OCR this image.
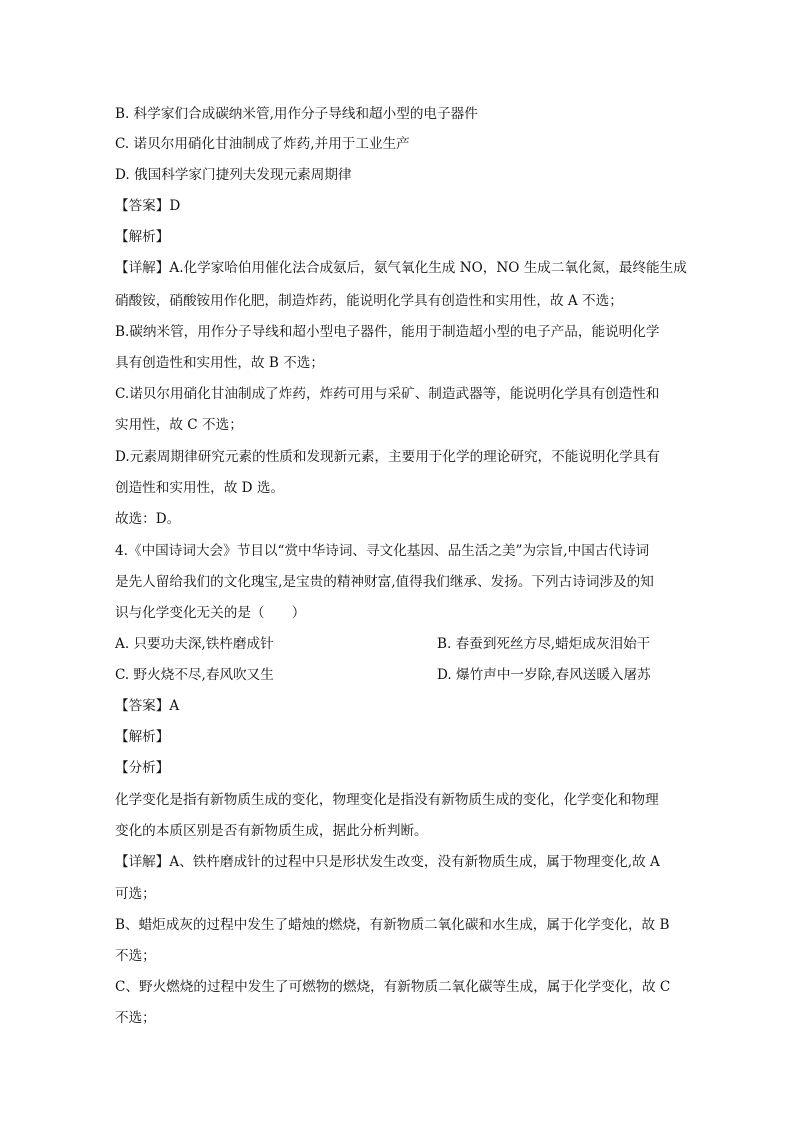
B. 科学家们合成碳纳米管,用作分子导线和超小型的电子器件
C. 诺贝尔用硝化甘油制成了炸药,并用于工业生产
D. 俄国科学家门捷列夫发现元素周期律
【答案】D
【解析】
【详解】A.化学家哈伯用催化法合成氨后，氨气氧化生成 NO，NO 生成二氧化氮，最终能生成
硝酸铵，硝酸铵用作化肥，制造炸药，能说明化学具有创造性和实用性，故 A 不选；
B.碳纳米管，用作分子导线和超小型电子器件，能用于制造超小型的电子产品，能说明化学
具有创造性和实用性，故 B 不选；
C.诺贝尔用硝化甘油制成了炸药，炸药可用与采矿、制造武器等，能说明化学具有创造性和
实用性，故 C 不选；
D.元素周期律研究元素的性质和发现新元素，主要用于化学的理论研究，不能说明化学具有
创造性和实用性，故 D 选。
故选：D。
4.《中国诗词大会》节目以“赏中华诗词、寻文化基因、品生活之美”为宗旨,中国古代诗词
是先人留给我们的文化瑰宝,是宝贵的精神财富,值得我们继承、发扬。下列古诗词涉及的知
识与化学变化无关的是（　　）
A. 只要功夫深,铁杵磨成针	B. 春蚕到死丝方尽,蜡炬成灰泪始干
C. 野火烧不尽,春风吹又生	D. 爆竹声中一岁除,春风送暖入屠苏
【答案】A
【解析】
【分析】
化学变化是指有新物质生成的变化，物理变化是指没有新物质生成的变化，化学变化和物理
变化的本质区别是否有新物质生成，据此分析判断。
【详解】A、铁杵磨成针的过程中只是形状发生改变，没有新物质生成，属于物理变化,故 A
可选；
B、蜡炬成灰的过程中发生了蜡烛的燃烧，有新物质二氧化碳和水生成，属于化学变化，故 B
不选；
C、野火燃烧的过程中发生了可燃物的燃烧，有新物质二氧化碳等生成，属于化学变化，故 C
不选；
